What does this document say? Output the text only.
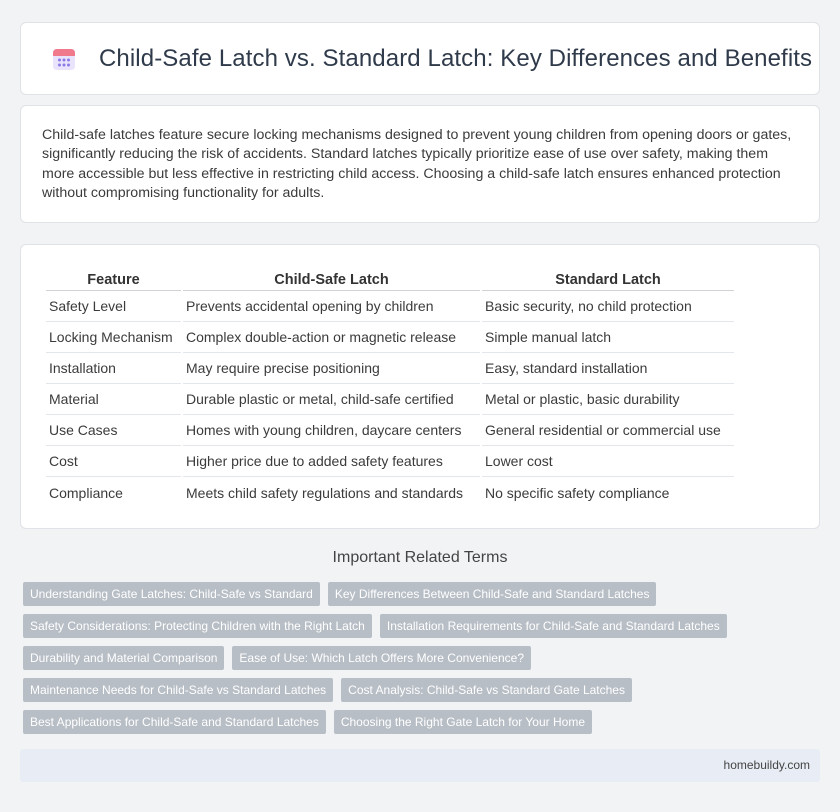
Child-Safe Latch vs. Standard Latch: Key Differences and Benefits

Child-safe latches feature secure locking mechanisms designed to prevent young children from opening doors or gates, significantly reducing the risk of accidents. Standard latches typically prioritize ease of use over safety, making them more accessible but less effective in restricting child access. Choosing a child-safe latch ensures enhanced protection without compromising functionality for adults.

Feature	Child-Safe Latch	Standard Latch
Safety Level	Prevents accidental opening by children	Basic security, no child protection
Locking Mechanism	Complex double-action or magnetic release	Simple manual latch
Installation	May require precise positioning	Easy, standard installation
Material	Durable plastic or metal, child-safe certified	Metal or plastic, basic durability
Use Cases	Homes with young children, daycare centers	General residential or commercial use
Cost	Higher price due to added safety features	Lower cost
Compliance	Meets child safety regulations and standards	No specific safety compliance
Important Related Terms
Understanding Gate Latches: Child-Safe vs Standard	Key Differences Between Child-Safe and Standard Latches
Safety Considerations: Protecting Children with the Right Latch	Installation Requirements for Child-Safe and Standard Latches
Durability and Material Comparison	Ease of Use: Which Latch Offers More Convenience?
Maintenance Needs for Child-Safe vs Standard Latches	Cost Analysis: Child-Safe vs Standard Gate Latches
Best Applications for Child-Safe and Standard Latches	Choosing the Right Gate Latch for Your Home
homebuildy.com
